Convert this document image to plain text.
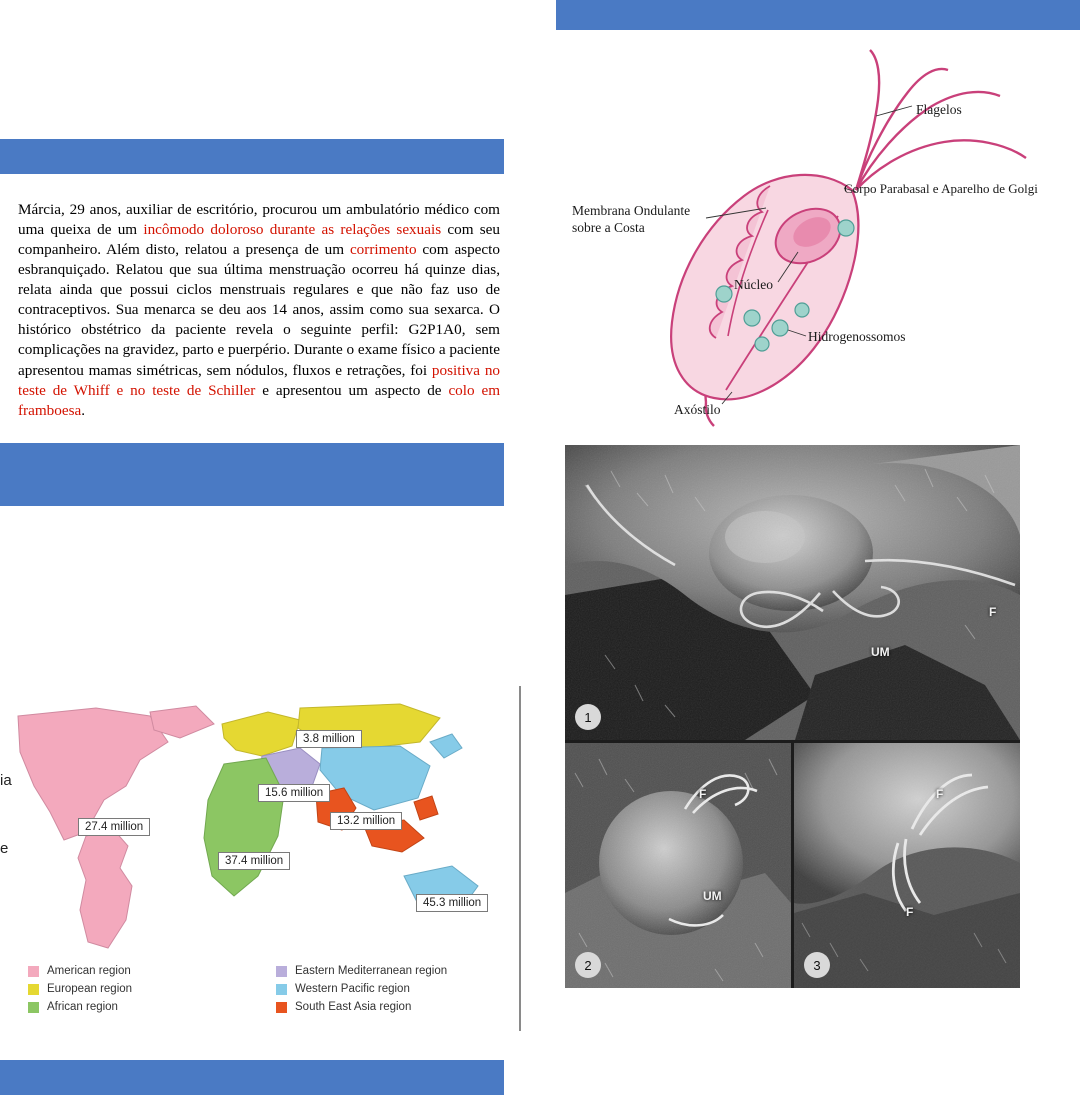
Márcia, 29 anos, auxiliar de escritório, procurou um ambulatório médico com uma queixa de um incômodo doloroso durante as relações sexuais com seu companheiro. Além disto, relatou a presença de um corrimento com aspecto esbranquiçado. Relatou que sua última menstruação ocorreu há quinze dias, relata ainda que possui ciclos menstruais regulares e que não faz uso de contraceptivos. Sua menarca se deu aos 14 anos, assim como sua sexarca. O histórico obstétrico da paciente revela o seguinte perfil: G2P1A0, sem complicações na gravidez, parto e puerpério. Durante o exame físico a paciente apresentou mamas simétricas, sem nódulos, fluxos e retrações, foi positiva no teste de Whiff e no teste de Schiller e apresentou um aspecto de colo em framboesa.
Flagelos
Corpo Parabasal e Aparelho de Golgi
Membrana Ondulante sobre a Costa
Núcleo
Hidrogenossomos
Axóstilo
UM
F
1
F
UM
2
F
F
3
ia
e
3.8 million
15.6 million
13.2 million
27.4 million
37.4 million
45.3 million
American region
European region
African region
Eastern Mediterranean region
Western Pacific region
South East Asia region
